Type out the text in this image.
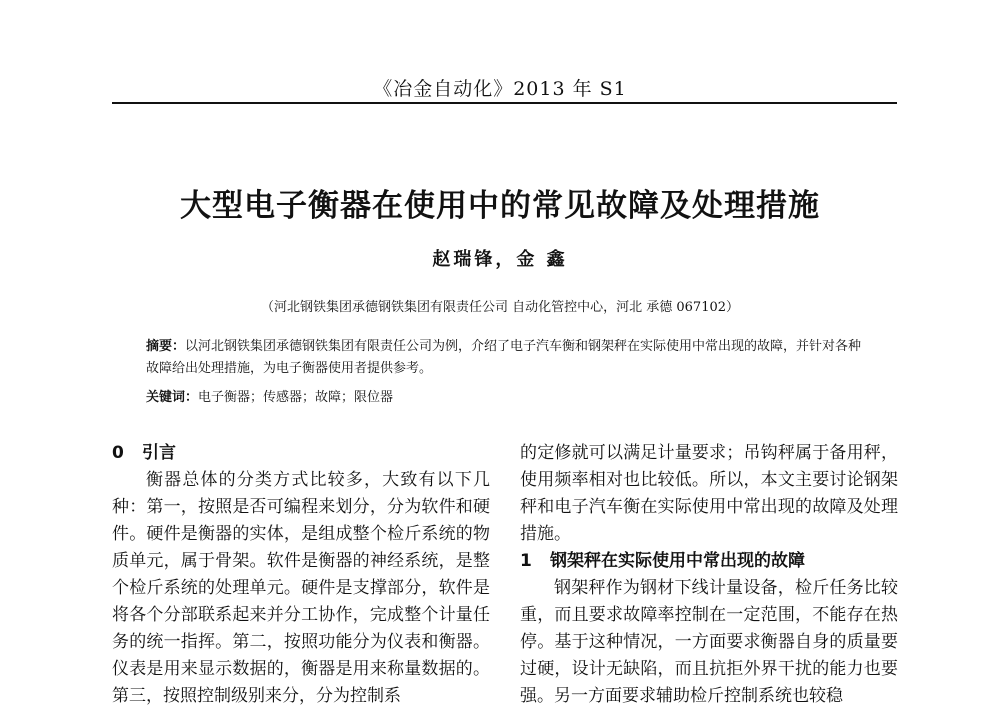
《冶金自动化》2013 年 S1
大型电子衡器在使用中的常见故障及处理措施
赵瑞锋，金 鑫
（河北钢铁集团承德钢铁集团有限责任公司 自动化管控中心，河北 承德 067102）

摘要：以河北钢铁集团承德钢铁集团有限责任公司为例，介绍了电子汽车衡和钢架秤在实际使用中常出现的故障，并针对各种故障给出处理措施，为电子衡器使用者提供参考。

关键词：电子衡器；传感器；故障；限位器

0 引言

衡器总体的分类方式比较多，大致有以下几种：第一，按照是否可编程来划分，分为软件和硬件。硬件是衡器的实体，是组成整个检斤系统的物质单元，属于骨架。软件是衡器的神经系统，是整个检斤系统的处理单元。硬件是支撑部分，软件是将各个分部联系起来并分工协作，完成整个计量任务的统一指挥。第二，按照功能分为仪表和衡器。仪表是用来显示数据的，衡器是用来称量数据的。第三，按照控制级别来分，分为控制系

的定修就可以满足计量要求；吊钩秤属于备用秤，使用频率相对也比较低。所以，本文主要讨论钢架秤和电子汽车衡在实际使用中常出现的故障及处理措施。

1 钢架秤在实际使用中常出现的故障

钢架秤作为钢材下线计量设备，检斤任务比较重，而且要求故障率控制在一定范围，不能存在热停。基于这种情况，一方面要求衡器自身的质量要过硬，设计无缺陷，而且抗拒外界干扰的能力也要强。另一方面要求辅助检斤控制系统也较稳
